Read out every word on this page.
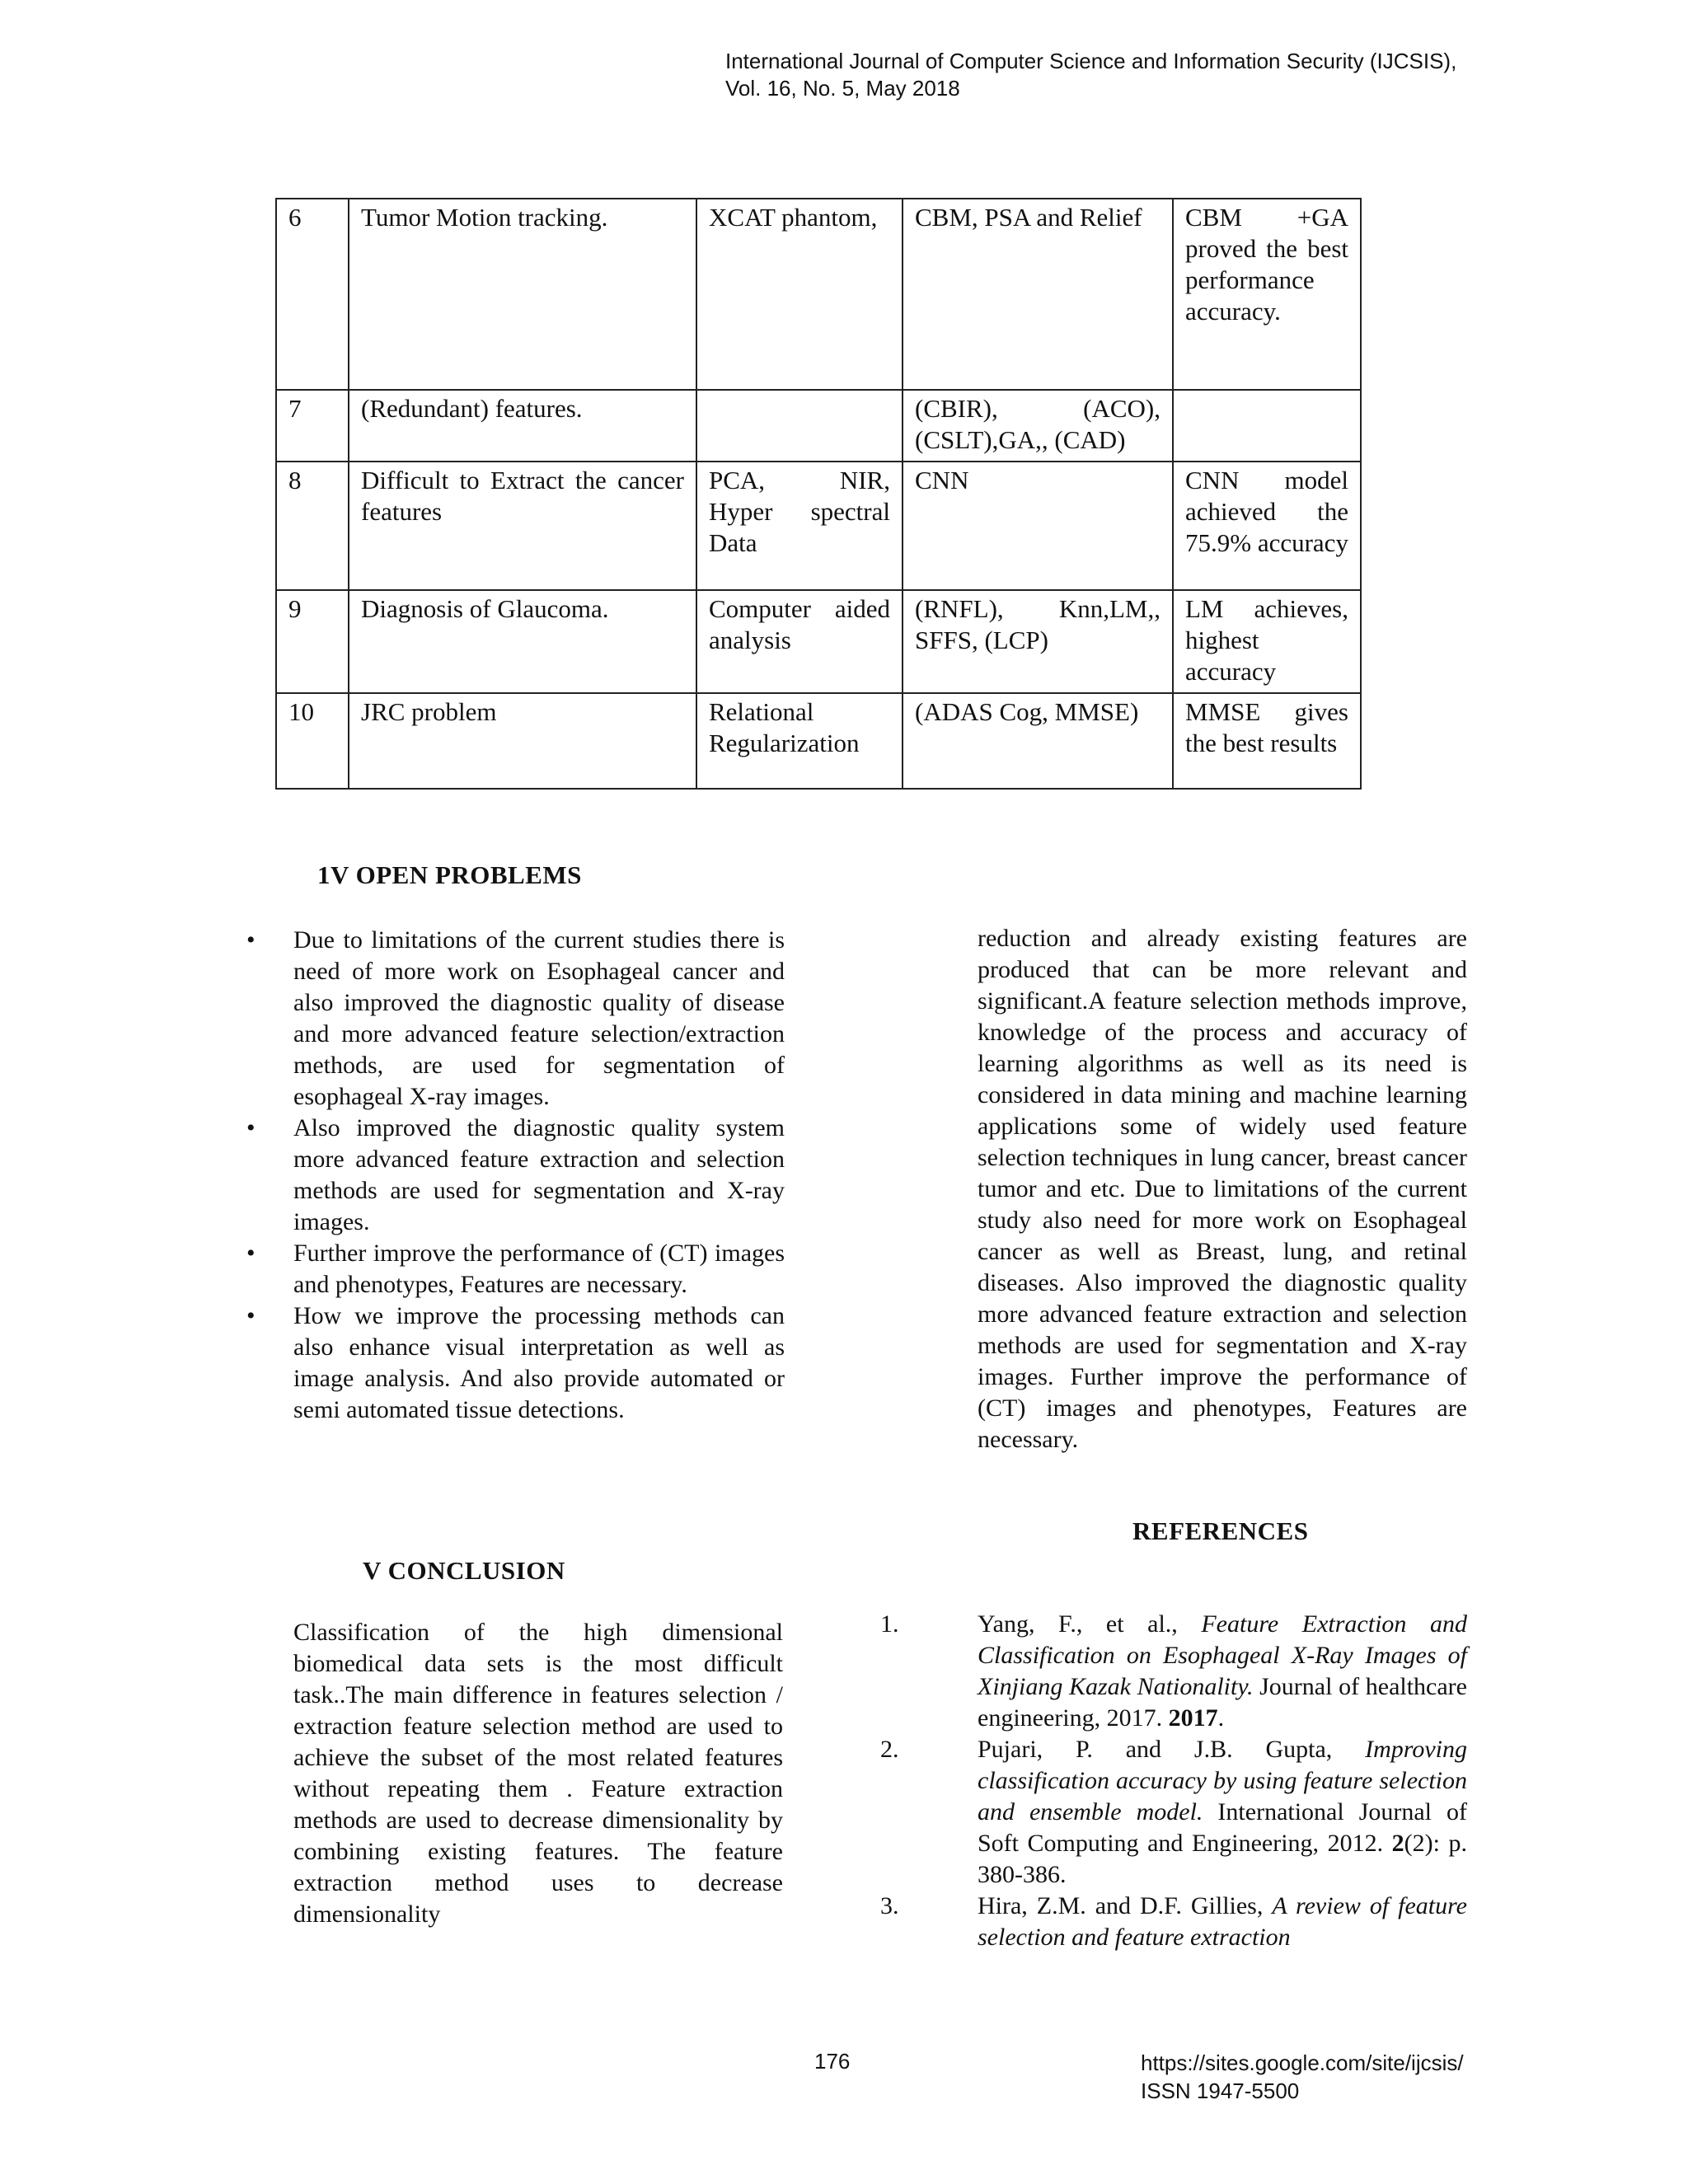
International Journal of Computer Science and Information Security (IJCSIS),
Vol. 16, No. 5, May 2018
6	Tumor Motion tracking.	XCAT phantom,	CBM, PSA and Relief	CBM +GA proved the best performance accuracy.
7	(Redundant) features.		(CBIR), (ACO), (CSLT),GA,, (CAD)	
8	Difficult to Extract the cancer features	PCA, NIR, Hyper spectral Data	CNN	CNN model achieved the 75.9% accuracy
9	Diagnosis of Glaucoma.	Computer aided analysis	(RNFL), Knn,LM,, SFFS, (LCP)	LM achieves, highest accuracy
10	JRC problem	Relational Regularization	(ADAS Cog, MMSE)	MMSE gives the best results
1V OPEN PROBLEMS
• Due to limitations of the current studies there is need of more work on Esophageal cancer and also improved the diagnostic quality of disease and more advanced feature selection/extraction methods, are used for segmentation of esophageal X-ray images.
• Also improved the diagnostic quality system more advanced feature extraction and selection methods are used for segmentation and X-ray images.
• Further improve the performance of (CT) images and phenotypes, Features are necessary.
• How we improve the processing methods can also enhance visual interpretation as well as image analysis. And also provide automated or semi automated tissue detections.
V CONCLUSION

Classification of the high dimensional biomedical data sets is the most difficult task..The main difference in features selection / extraction feature selection method are used to achieve the subset of the most related features without repeating them . Feature extraction methods are used to decrease dimensionality by combining existing features. The feature extraction method uses to decrease dimensionality

reduction and already existing features are produced that can be more relevant and significant.A feature selection methods improve, knowledge of the process and accuracy of learning algorithms as well as its need is considered in data mining and machine learning applications some of widely used feature selection techniques in lung cancer, breast cancer tumor and etc. Due to limitations of the current study also need for more work on Esophageal cancer as well as Breast, lung, and retinal diseases. Also improved the diagnostic quality more advanced feature extraction and selection methods are used for segmentation and X-ray images. Further improve the performance of (CT) images and phenotypes, Features are necessary.

REFERENCES
1.	Yang, F., et al., Feature Extraction and Classification on Esophageal X-Ray Images of Xinjiang Kazak Nationality. Journal of healthcare engineering, 2017. 2017.
2.	Pujari, P. and J.B. Gupta, Improving classification accuracy by using feature selection and ensemble model. International Journal of Soft Computing and Engineering, 2012. 2(2): p. 380-386.
3.	Hira, Z.M. and D.F. Gillies, A review of feature selection and feature extraction
176	https://sites.google.com/site/ijcsis/
ISSN 1947-5500
